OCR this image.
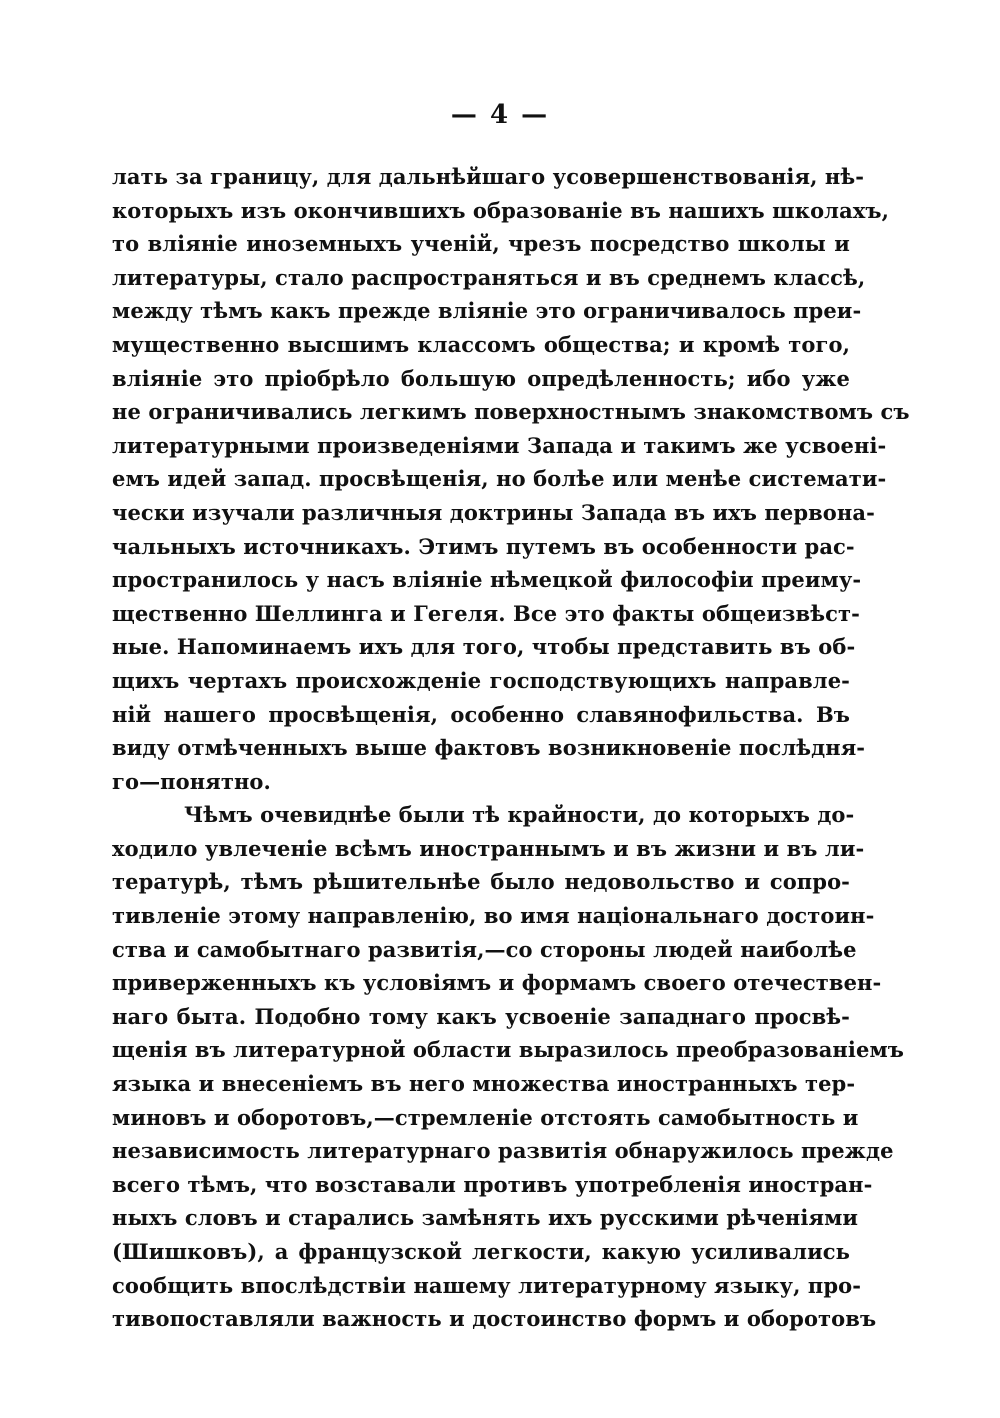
— 4 —
лать за границу, для дальнѣйшаго усовершенствованія, нѣ-
которыхъ изъ окончившихъ образованіе въ нашихъ школахъ,
то вліяніе иноземныхъ ученій, чрезъ посредство школы и
литературы, стало распространяться и въ среднемъ классѣ,
между тѣмъ какъ прежде вліяніе это ограничивалось преи-
мущественно высшимъ классомъ общества; и кромѣ того,
вліяніе это пріобрѣло большую опредѣленность; ибо уже
не ограничивались легкимъ поверхностнымъ знакомствомъ съ
литературными произведеніями Запада и такимъ же усвоені-
емъ идей запад. просвѣщенія, но болѣе или менѣе системати-
чески изучали различныя доктрины Запада въ ихъ первона-
чальныхъ источникахъ. Этимъ путемъ въ особенности рас-
пространилось у насъ вліяніе нѣмецкой философіи преиму-
щественно Шеллинга и Гегеля. Все это факты общеизвѣст-
ные. Напоминаемъ ихъ для того, чтобы представить въ об-
щихъ чертахъ происхожденіе господствующихъ направле-
ній нашего просвѣщенія, особенно славянофильства. Въ
виду отмѣченныхъ выше фактовъ возникновеніе послѣдня-
го—понятно.
Чѣмъ очевиднѣе были тѣ крайности, до которыхъ до-
ходило увлеченіе всѣмъ иностраннымъ и въ жизни и въ ли-
тературѣ, тѣмъ рѣшительнѣе было недовольство и сопро-
тивленіе этому направленію, во имя національнаго достоин-
ства и самобытнаго развитія,—со стороны людей наиболѣе
приверженныхъ къ условіямъ и формамъ своего отечествен-
наго быта. Подобно тому какъ усвоеніе западнаго просвѣ-
щенія въ литературной области выразилось преобразованіемъ
языка и внесеніемъ въ него множества иностранныхъ тер-
миновъ и оборотовъ,—стремленіе отстоять самобытность и
независимость литературнаго развитія обнаружилось прежде
всего тѣмъ, что возставали противъ употребленія иностран-
ныхъ словъ и старались замѣнять ихъ русскими рѣченіями
(Шишковъ), а французской легкости, какую усиливались
сообщить впослѣдствіи нашему литературному языку, про-
тивопоставляли важность и достоинство формъ и оборотовъ
